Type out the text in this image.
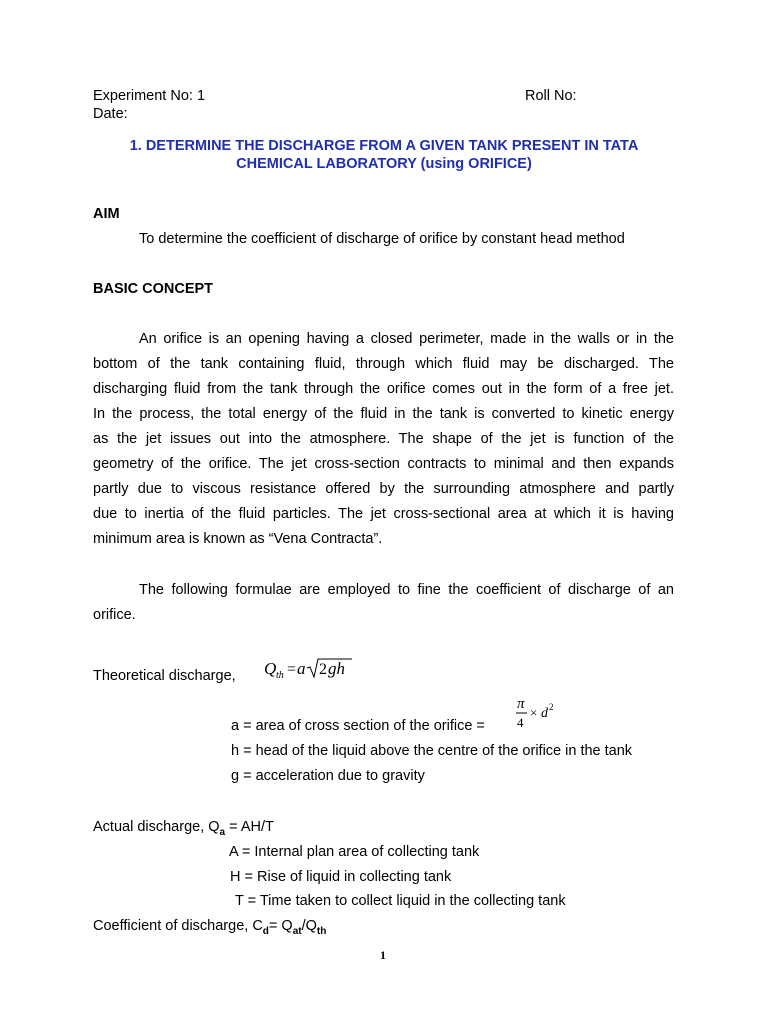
Experiment No: 1	Roll No:
Date:
1. DETERMINE THE DISCHARGE FROM A GIVEN TANK PRESENT IN TATA
CHEMICAL LABORATORY (using ORIFICE)
AIM
To determine the coefficient of discharge of orifice by constant head method
BASIC CONCEPT
An orifice is an opening having a closed perimeter, made in the walls or in the
bottom of the tank containing fluid, through which fluid may be discharged. The
discharging fluid from the tank through the orifice comes out in the form of a free jet.
In the process, the total energy of the fluid in the tank is converted to kinetic energy
as the jet issues out into the atmosphere. The shape of the jet is function of the
geometry of the orifice. The jet cross-section contracts to minimal and then expands
partly due to viscous resistance offered by the surrounding atmosphere and partly
due to inertia of the fluid particles. The jet cross-sectional area at which it is having
minimum area is known as “Vena Contracta”.
The following formulae are employed to fine the coefficient of discharge of an
orifice.
Theoretical discharge, Q th = a 2 gh
a = area of cross section of the orifice =
π
4
× d 2
h = head of the liquid above the centre of the orifice in the tank
g = acceleration due to gravity
Actual discharge, $Q_a = AH/T$
A = Internal plan area of collecting tank
H = Rise of liquid in collecting tank
T = Time taken to collect liquid in the collecting tank
Coefficient of discharge, $C_d= Q_{at}/Q_{th}$
1
